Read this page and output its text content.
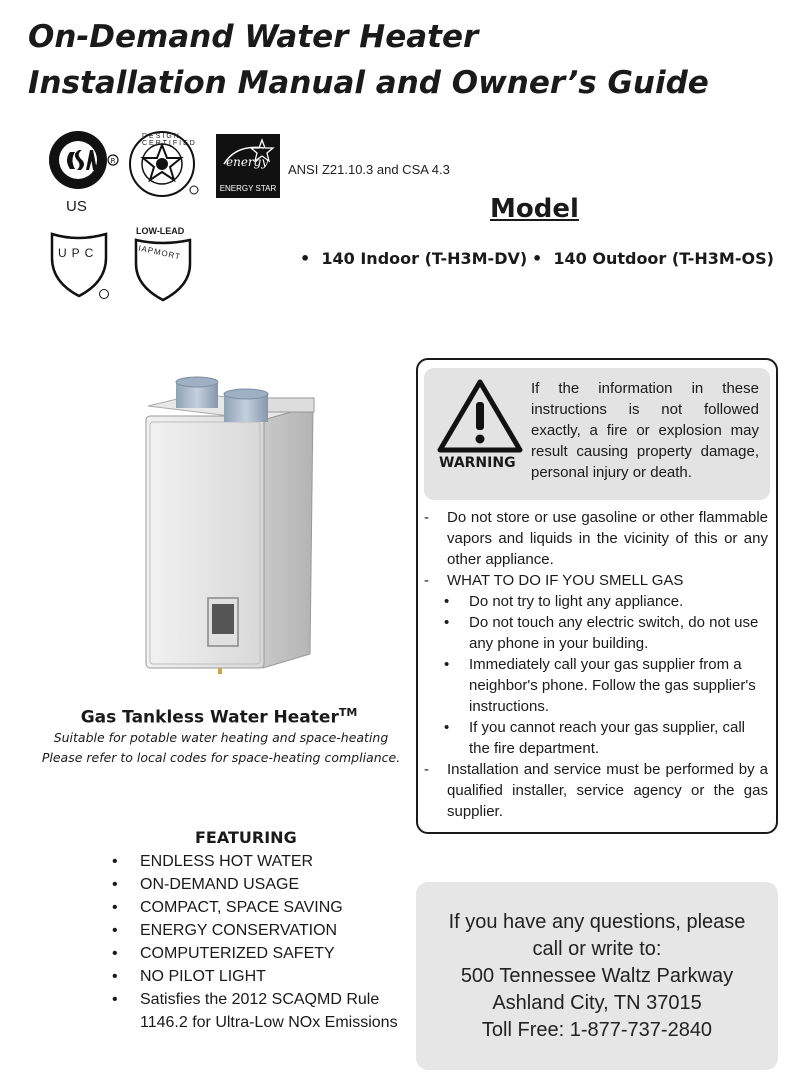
On-Demand Water Heater
Installation Manual and Owner’s Guide
R
US
DESIGN CERTIFIED
energy
ENERGY STAR
ANSI Z21.10.3 and CSA 4.3
UPC
LOW-LEAD
IAPMORT
Model
• 140 Indoor (T-H3M-DV) • 140 Outdoor (T-H3M-OS)
Gas Tankless Water Heater™
Suitable for potable water heating and space-heating
Please refer to local codes for space-heating compliance.
WARNING
If the information in these instructions is not followed exactly, a fire or explosion may result causing property damage, personal injury or death.
-	Do not store or use gasoline or other flammable vapors and liquids in the vicinity of this or any other appliance.
-	WHAT TO DO IF YOU SMELL GAS
•	Do not try to light any appliance.
•	Do not touch any electric switch, do not use any phone in your building.
•	Immediately call your gas supplier from a neighbor's phone. Follow the gas supplier's instructions.
•	If you cannot reach your gas supplier, call the fire department.
-	Installation and service must be performed by a qualified installer, service agency or the gas supplier.
FEATURING
•	ENDLESS HOT WATER
•	ON-DEMAND USAGE
•	COMPACT, SPACE SAVING
•	ENERGY CONSERVATION
•	COMPUTERIZED SAFETY
•	NO PILOT LIGHT
•	Satisfies the 2012 SCAQMD Rule 1146.2 for Ultra-Low NOx Emissions
If you have any questions, please
call or write to:
500 Tennessee Waltz Parkway
Ashland City, TN 37015
Toll Free: 1-877-737-2840
